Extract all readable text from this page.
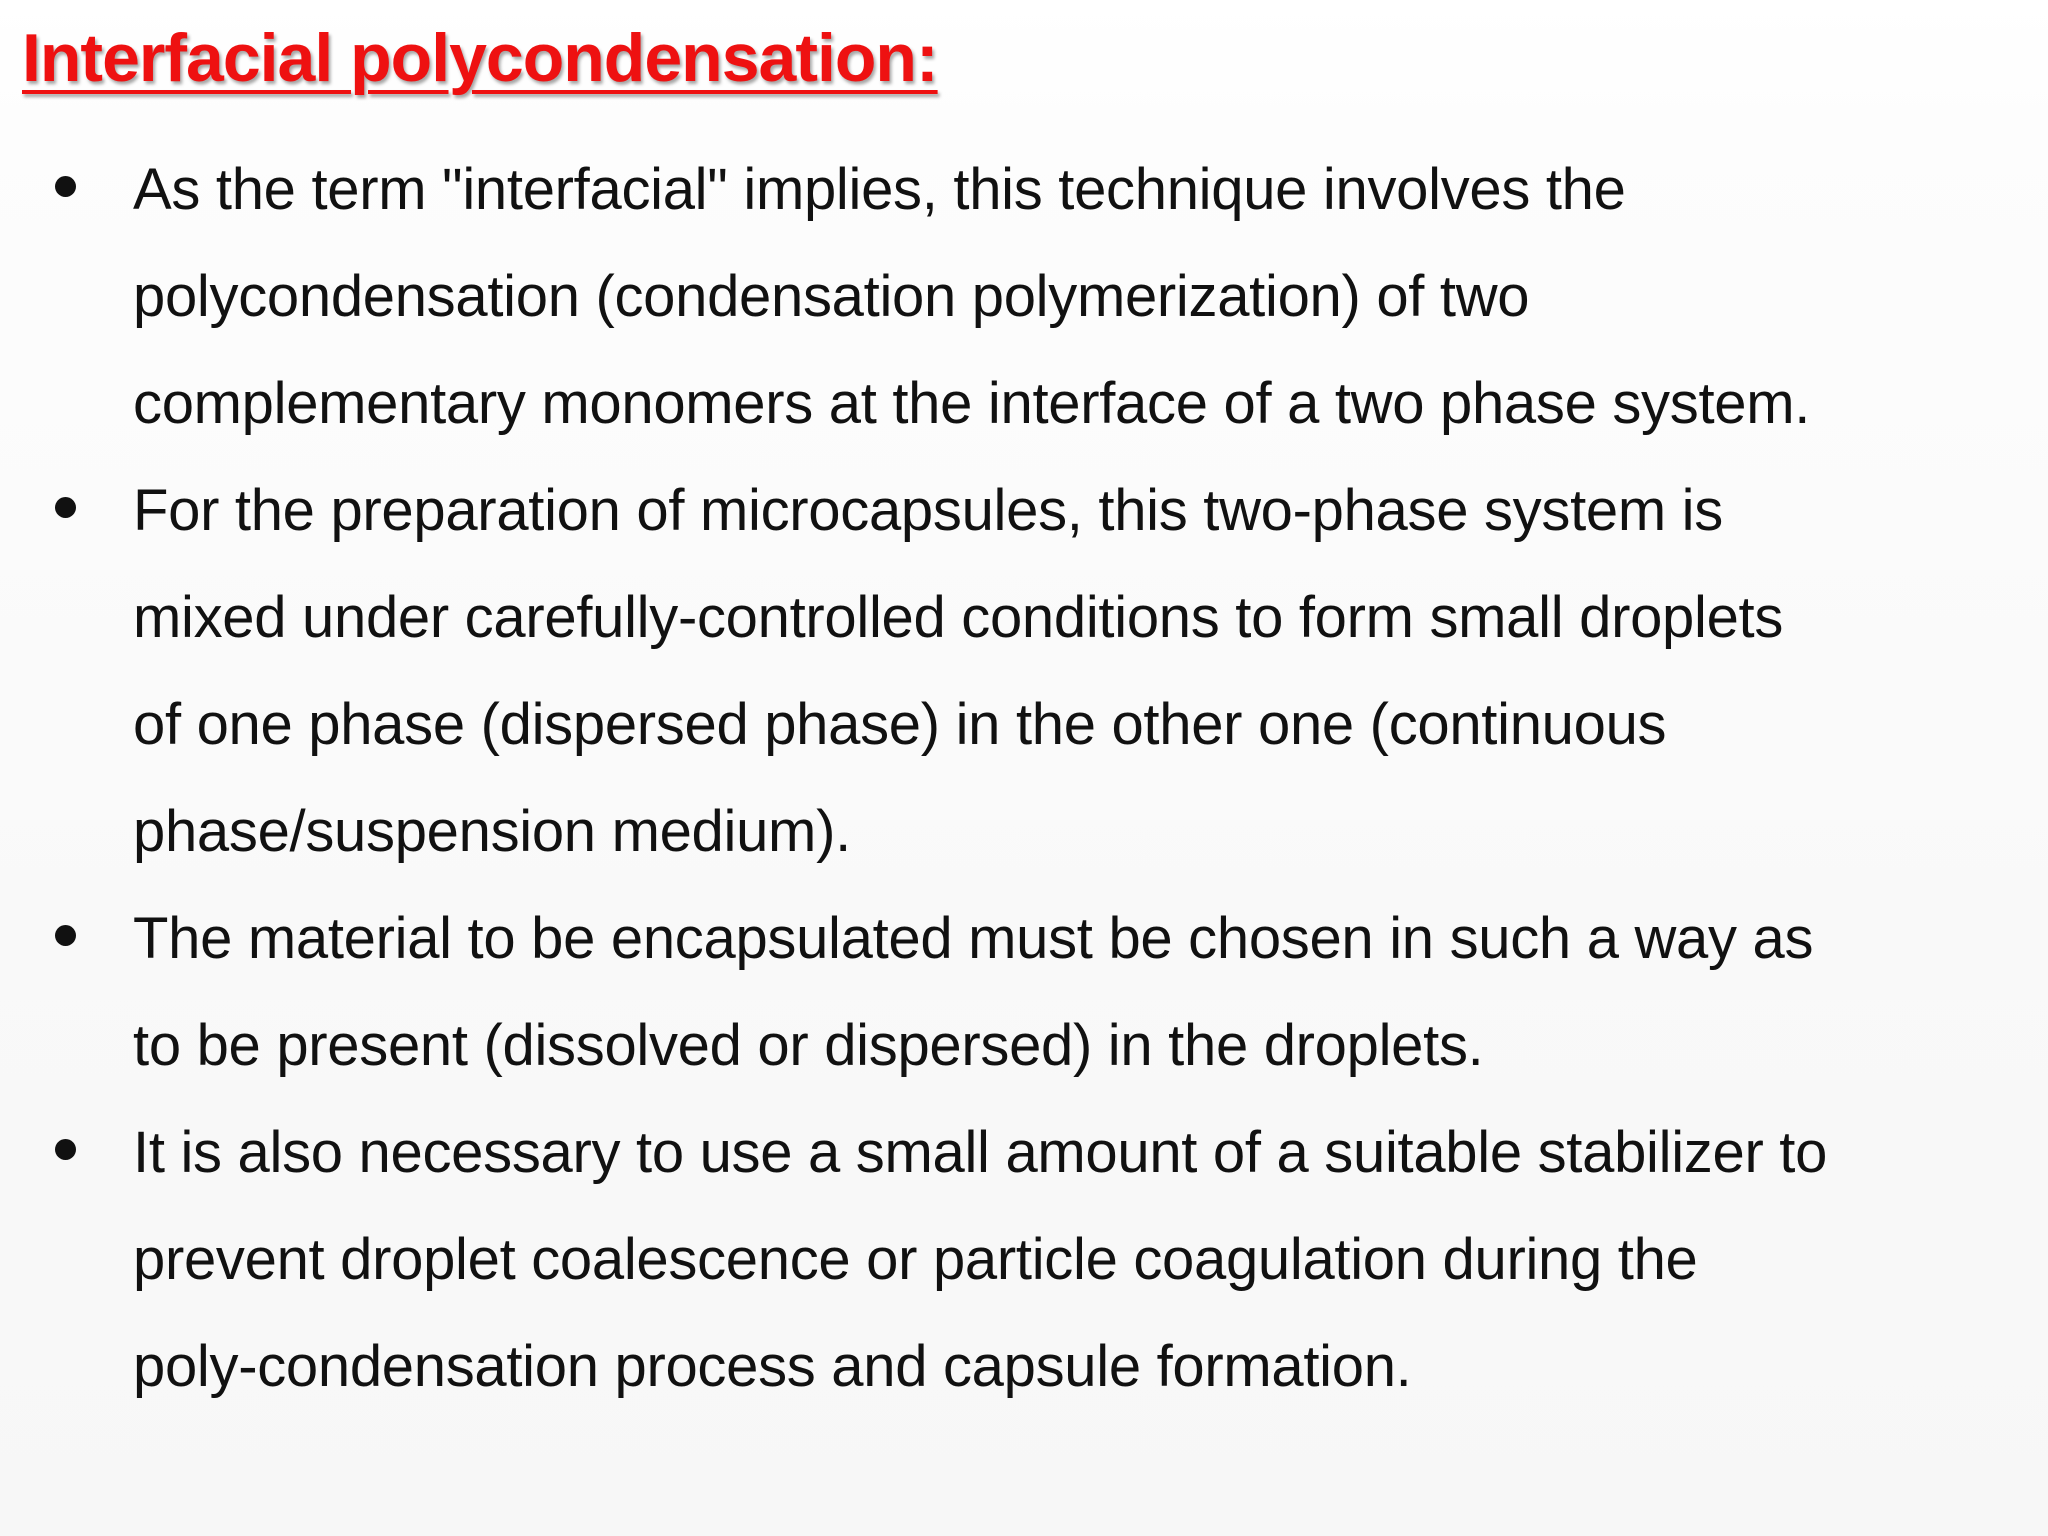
Interfacial polycondensation:
As the term "interfacial" implies, this technique involves the
polycondensation (condensation polymerization) of two
complementary monomers at the interface of a two phase system.
For the preparation of microcapsules, this two-phase system is
mixed under carefully-controlled conditions to form small droplets
of one phase (dispersed phase) in the other one (continuous
phase/suspension medium).
The material to be encapsulated must be chosen in such a way as
to be present (dissolved or dispersed) in the droplets.
It is also necessary to use a small amount of a suitable stabilizer to
prevent droplet coalescence or particle coagulation during the
poly-condensation process and capsule formation.
